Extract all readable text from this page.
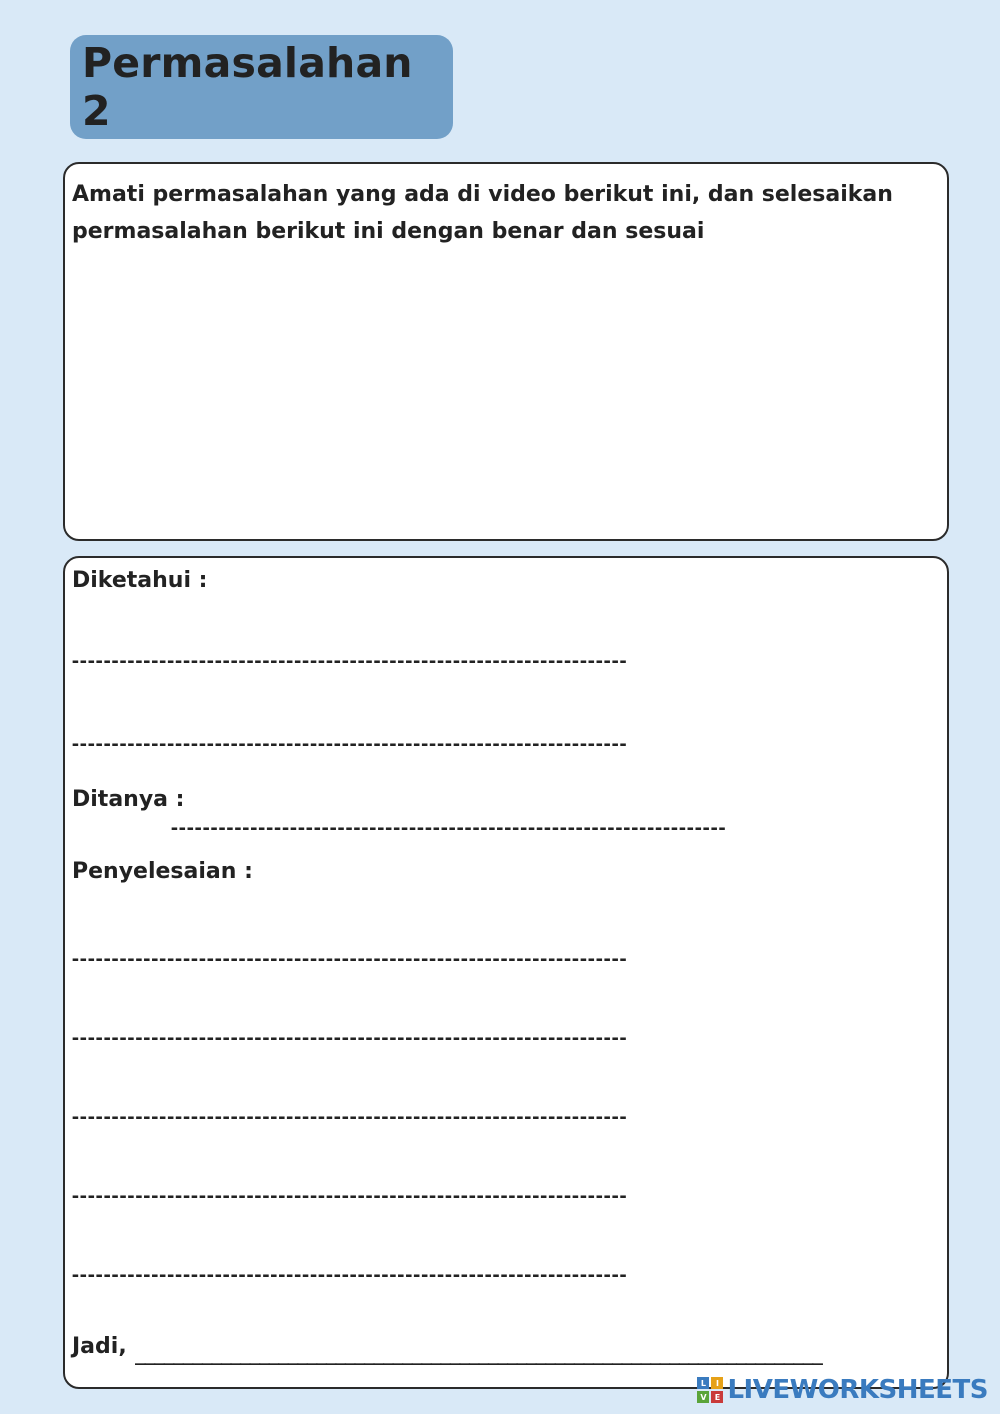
Permasalahan 2

Amati permasalahan yang ada di video berikut ini, dan selesaikan permasalahan berikut ini dengan benar dan sesuai

Diketahui :

----------------------------------------------------------------------

----------------------------------------------------------------------

Ditanya :

----------------------------------------------------------------------

Penyelesaian :

----------------------------------------------------------------------

----------------------------------------------------------------------

----------------------------------------------------------------------

----------------------------------------------------------------------

----------------------------------------------------------------------

Jadi, ________________________________________________________________________

L	I
V	E LIVEWORKSHEETS
